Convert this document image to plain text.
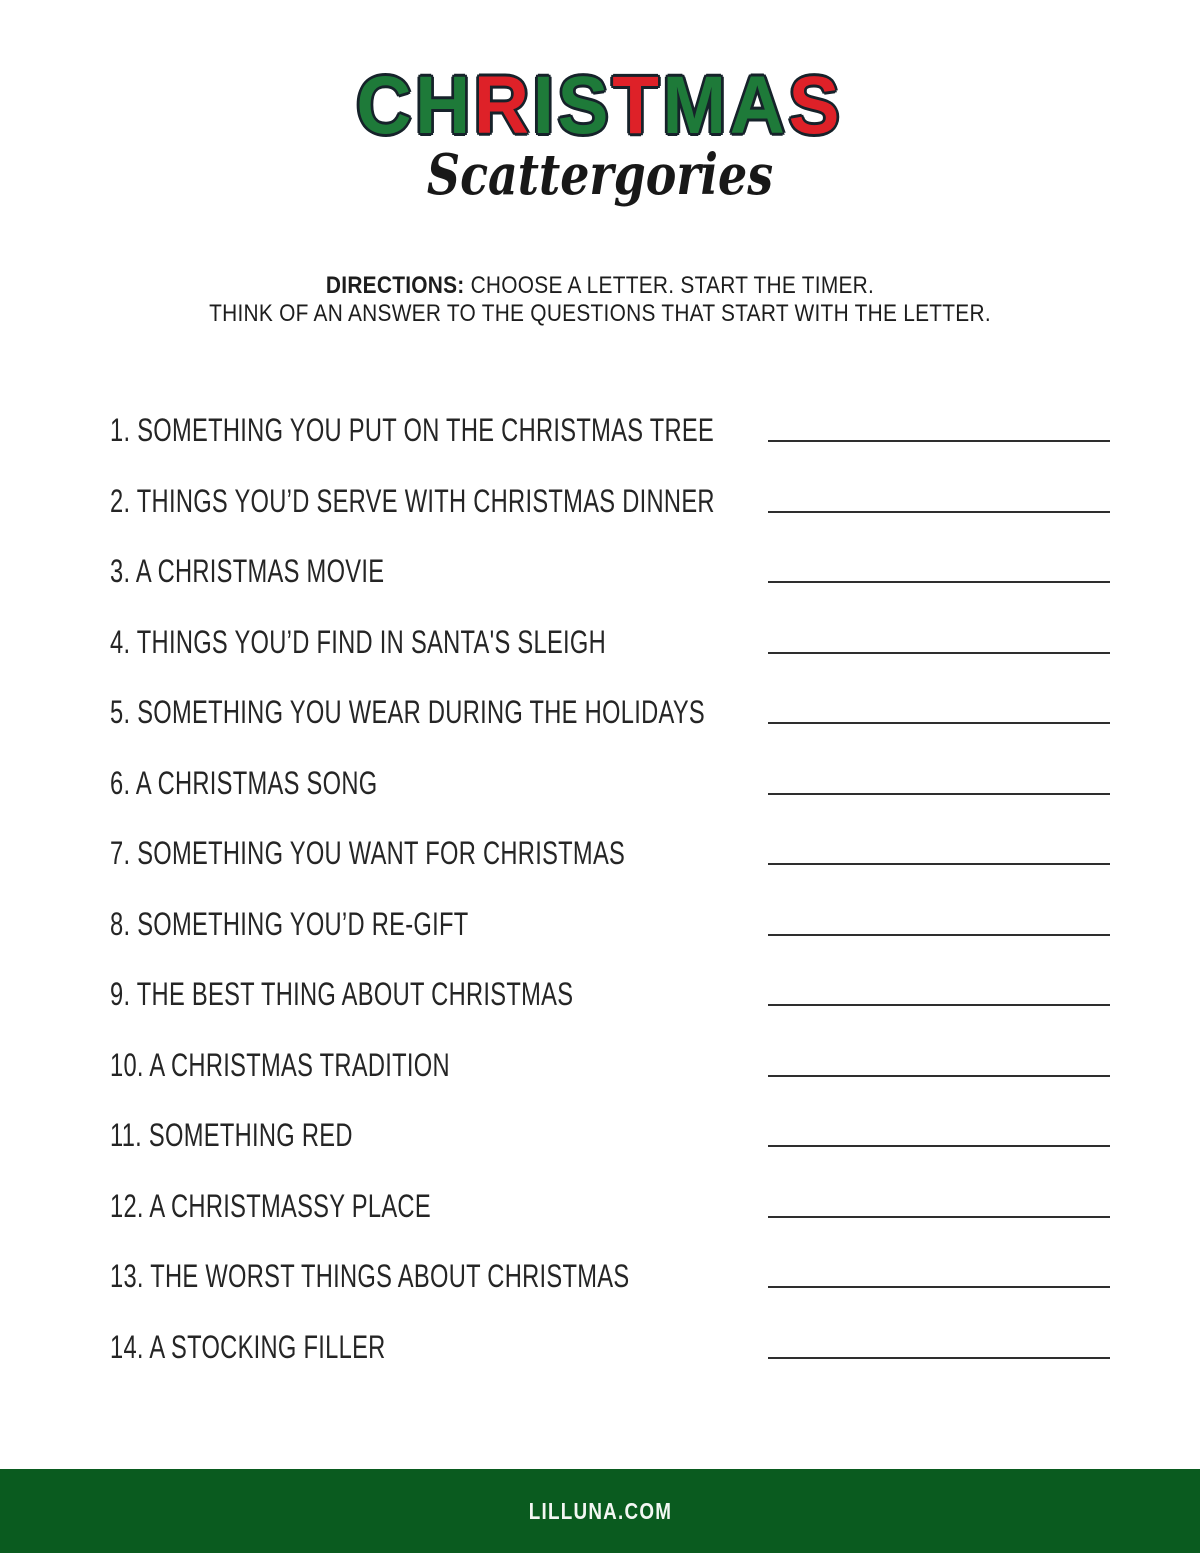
CHRISTMAS
Scattergories
DIRECTIONS: CHOOSE A LETTER. START THE TIMER.
THINK OF AN ANSWER TO THE QUESTIONS THAT START WITH THE LETTER.
1. SOMETHING YOU PUT ON THE CHRISTMAS TREE
2. THINGS YOU’D SERVE WITH CHRISTMAS DINNER
3. A CHRISTMAS MOVIE
4. THINGS YOU’D FIND IN SANTA'S SLEIGH
5. SOMETHING YOU WEAR DURING THE HOLIDAYS
6. A CHRISTMAS SONG
7. SOMETHING YOU WANT FOR CHRISTMAS
8. SOMETHING YOU’D RE-GIFT
9. THE BEST THING ABOUT CHRISTMAS
10. A CHRISTMAS TRADITION
11. SOMETHING RED
12. A CHRISTMASSY PLACE
13. THE WORST THINGS ABOUT CHRISTMAS
14. A STOCKING FILLER
LILLUNA.COM
